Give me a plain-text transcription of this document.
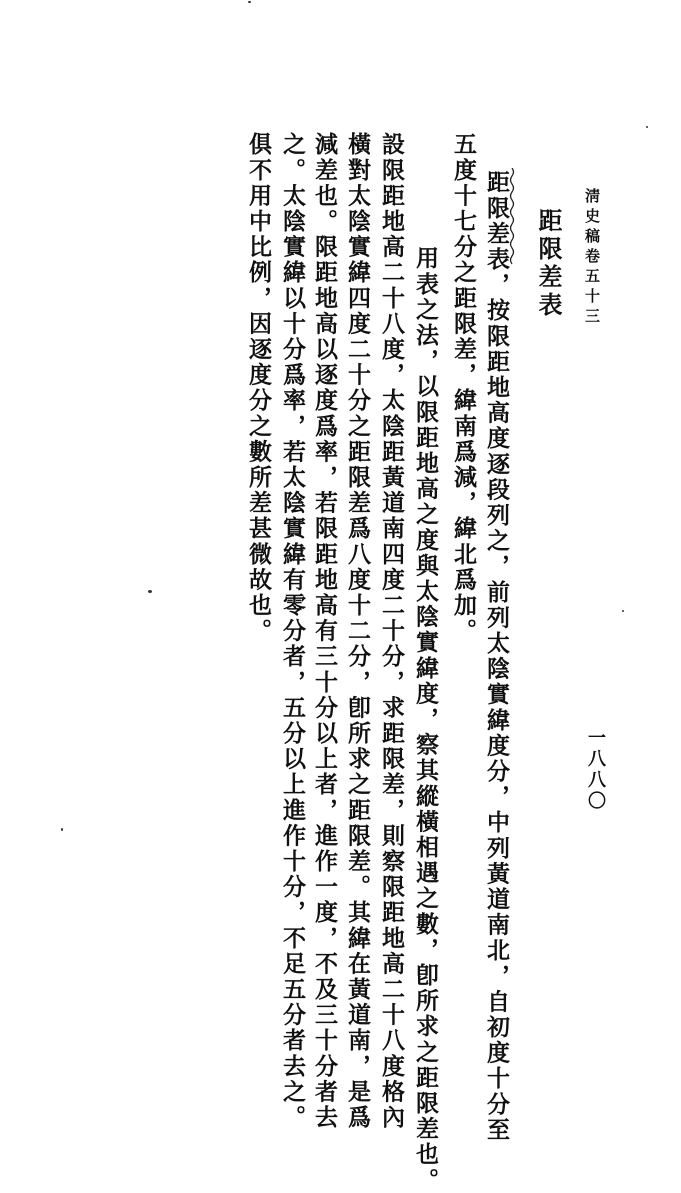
淸史稿卷五十三
一八八〇
距限差表
距限差表，按限距地高度逐段列之，前列太陰實緯度分，中列黃道南北，自初度十分至
五度十七分之距限差，緯南爲減，緯北爲加。
用表之法，以限距地高之度與太陰實緯度，察其縱橫相遇之數，卽所求之距限差也。
設限距地高二十八度，太陰距黃道南四度二十分，求距限差，則察限距地高二十八度格內
橫對太陰實緯四度二十分之距限差爲八度十二分，卽所求之距限差。其緯在黃道南，是爲
減差也。限距地高以逐度爲率，若限距地高有三十分以上者，進作一度，不及三十分者去
之。太陰實緯以十分爲率，若太陰實緯有零分者，五分以上進作十分，不足五分者去之。
俱不用中比例，因逐度分之數所差甚微故也。
